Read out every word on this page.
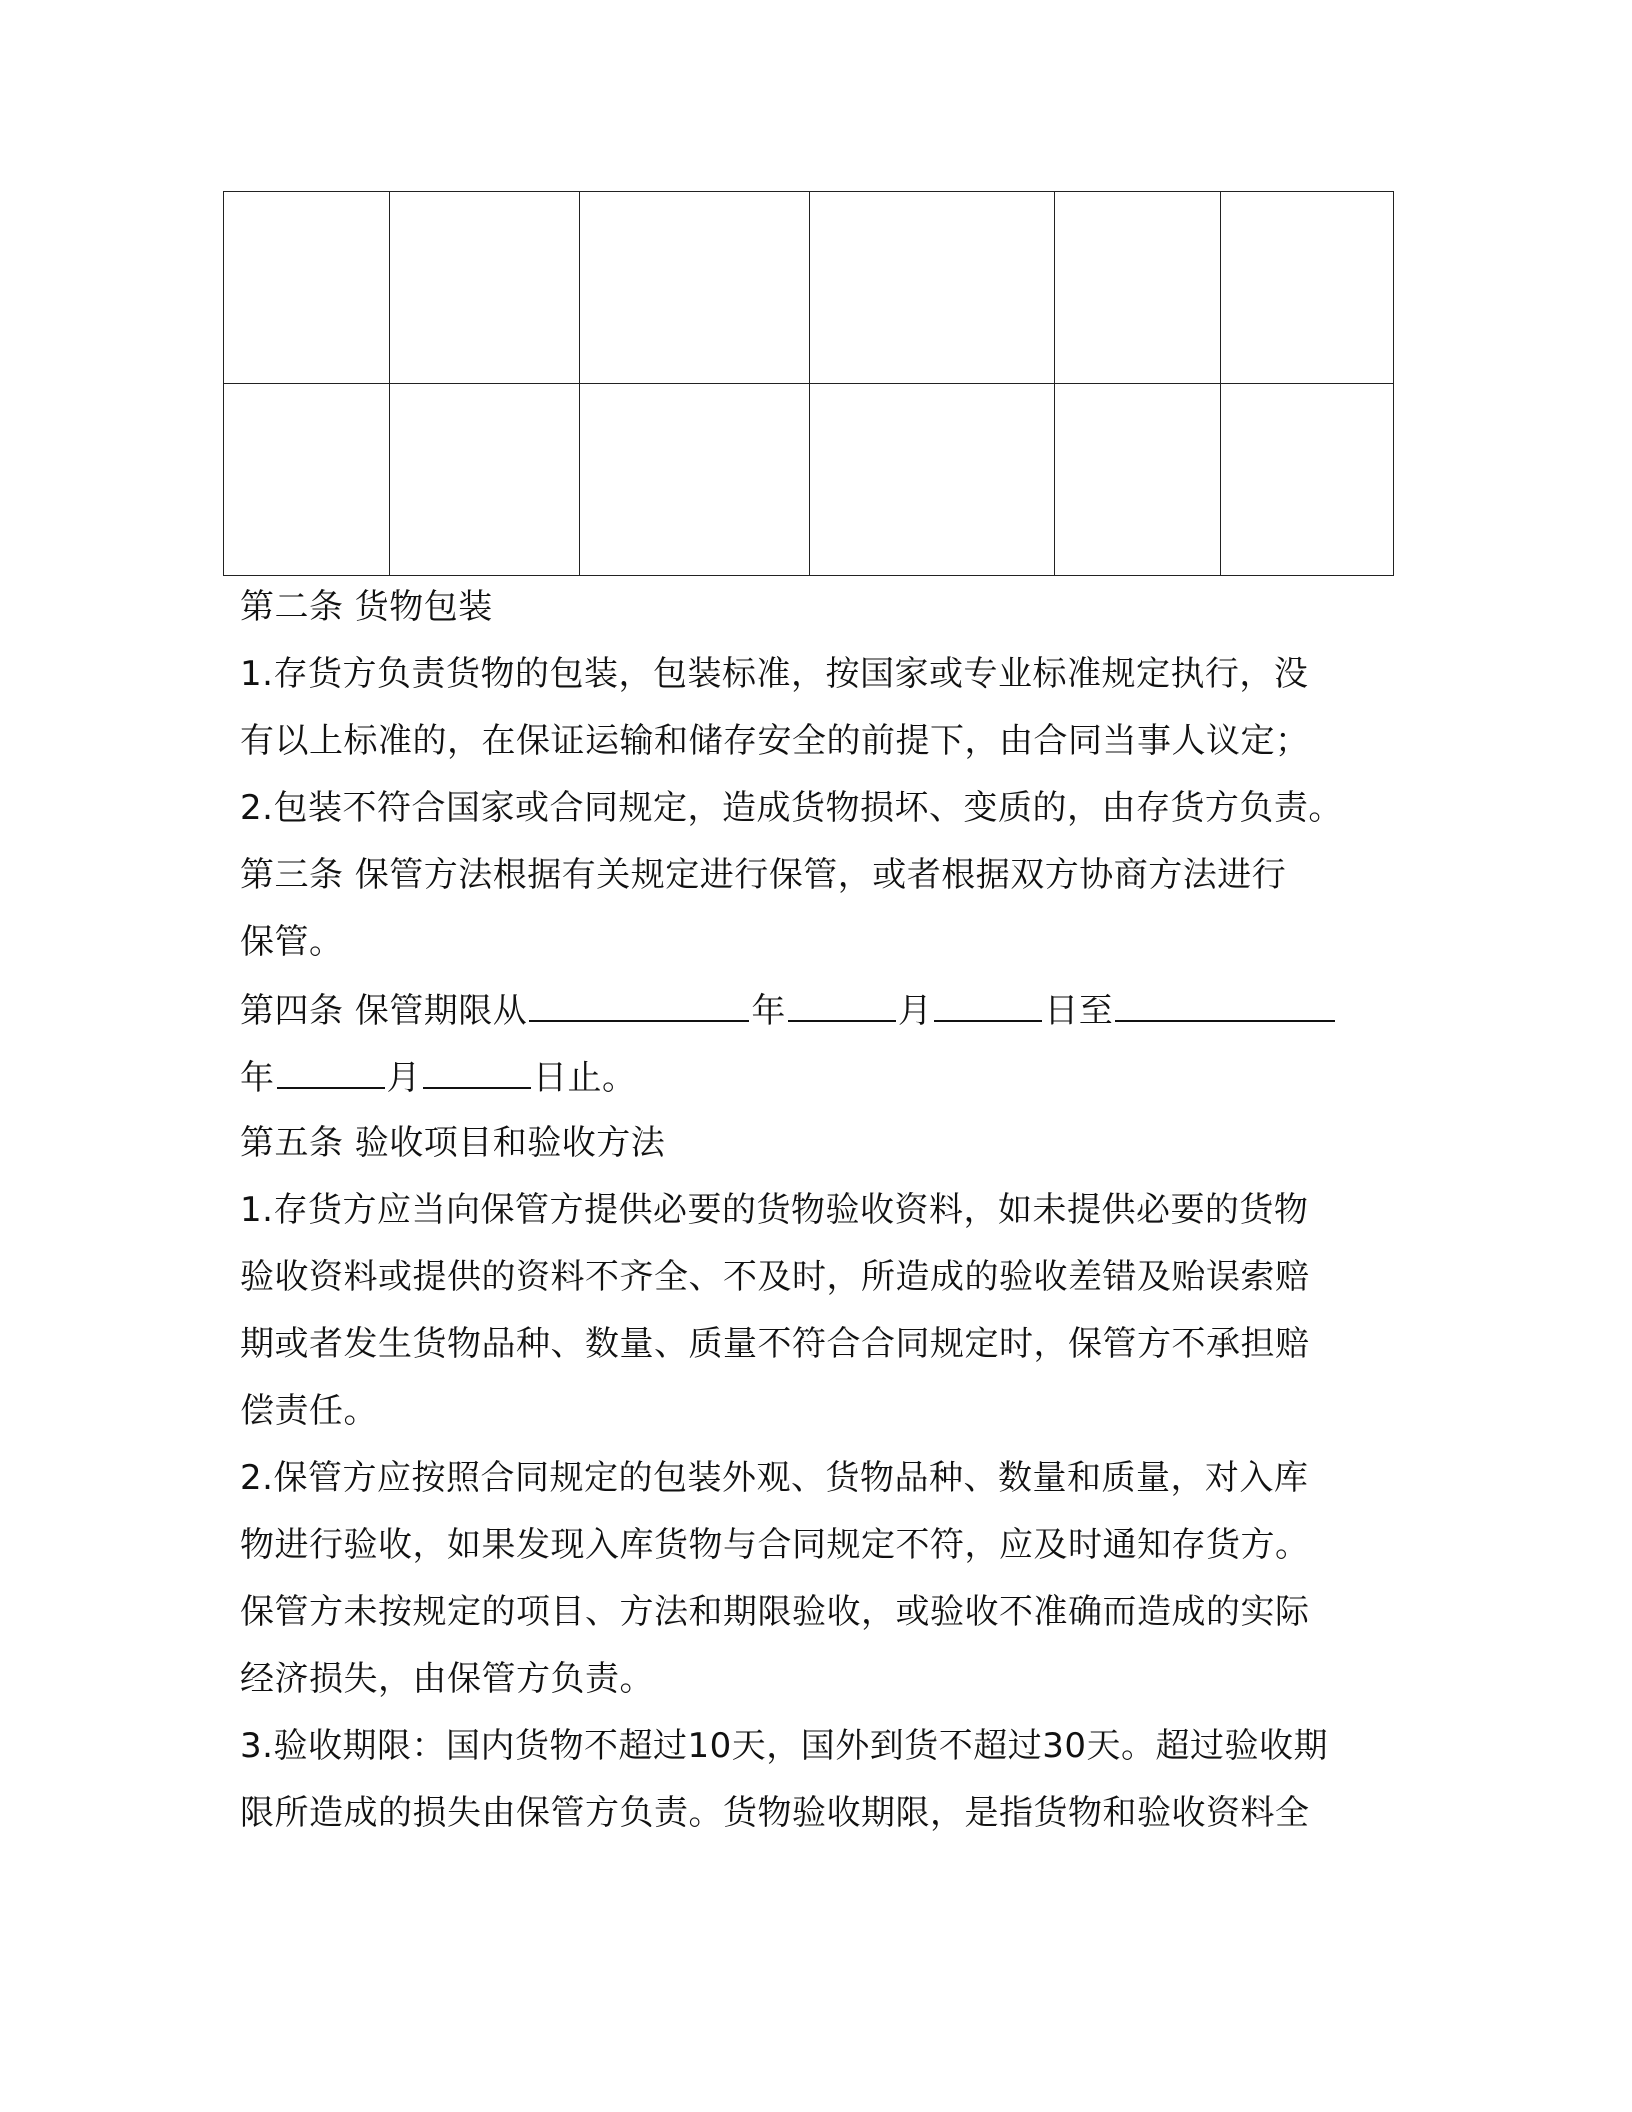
第二条 货物包装
1.存货方负责货物的包装，包装标准，按国家或专业标准规定执行，没
有以上标准的，在保证运输和储存安全的前提下，由合同当事人议定；
2.包装不符合国家或合同规定，造成货物损坏、变质的，由存货方负责。
第三条 保管方法根据有关规定进行保管，或者根据双方协商方法进行
保管。
第四条 保管期限从	年	月	日至
年	月	日止。
第五条 验收项目和验收方法
1.存货方应当向保管方提供必要的货物验收资料，如未提供必要的货物
验收资料或提供的资料不齐全、不及时，所造成的验收差错及贻误索赔
期或者发生货物品种、数量、质量不符合合同规定时，保管方不承担赔
偿责任。
2.保管方应按照合同规定的包装外观、货物品种、数量和质量，对入库
物进行验收，如果发现入库货物与合同规定不符，应及时通知存货方。
保管方未按规定的项目、方法和期限验收，或验收不准确而造成的实际
经济损失，由保管方负责。
3.验收期限：国内货物不超过10天，国外到货不超过30天。超过验收期
限所造成的损失由保管方负责。货物验收期限，是指货物和验收资料全
